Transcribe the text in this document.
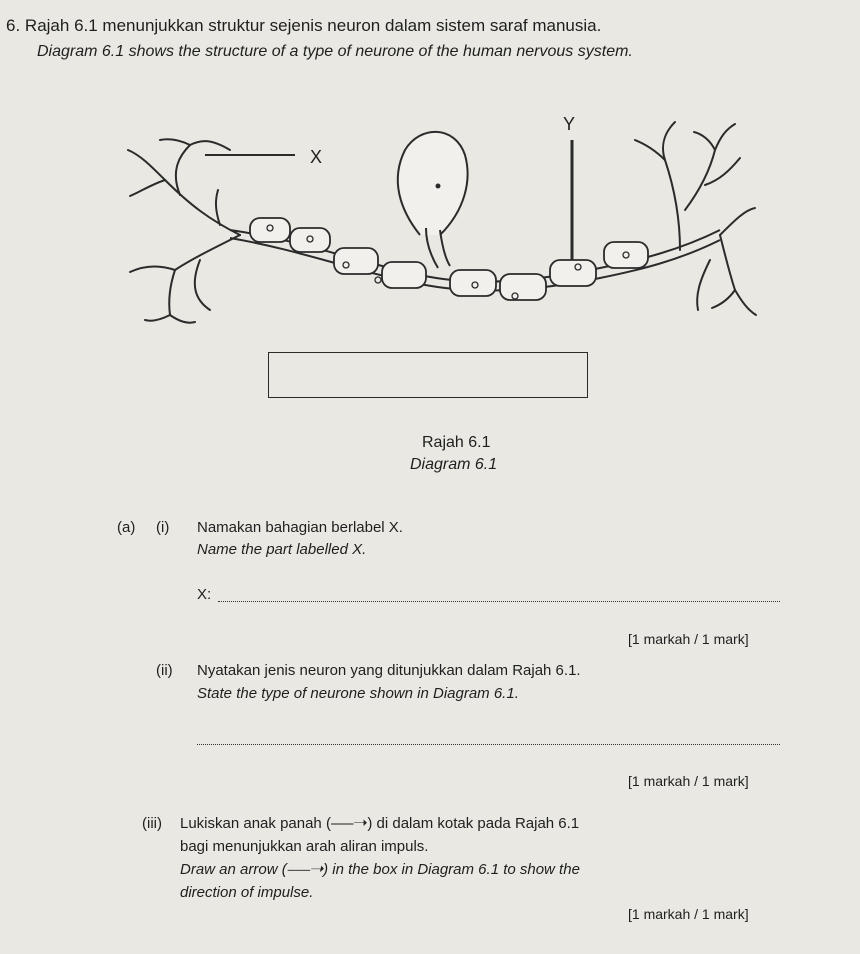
6. Rajah 6.1 menunjukkan struktur sejenis neuron dalam sistem saraf manusia.
Diagram 6.1 shows the structure of a type of neurone of the human nervous system.
X
Y
Rajah 6.1
Diagram 6.1
(a) (i) Namakan bahagian berlabel X.
Name the part labelled X.
X:
[1 markah / 1 mark]
(ii) Nyatakan jenis neuron yang ditunjukkan dalam Rajah 6.1.
State the type of neurone shown in Diagram 6.1.
[1 markah / 1 mark]
(iii) Lukiskan anak panah (⎯⎯⎯➝) di dalam kotak pada Rajah 6.1
bagi menunjukkan arah aliran impuls.
Draw an arrow (⎯⎯⎯➝) in the box in Diagram 6.1 to show the
direction of impulse.
[1 markah / 1 mark]
